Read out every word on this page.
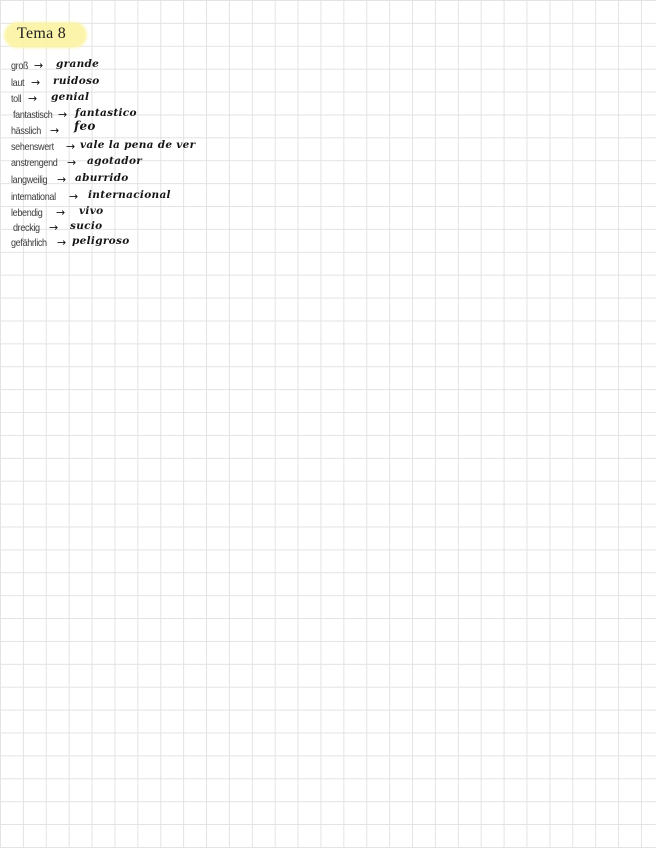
Tema 8
groß → grande
laut → ruidoso
toll → genial
fantastisch → fantastico
hässlich → feo
sehenswert → vale la pena de ver
anstrengend → agotador
langweilig → aburrido
international → internacional
lebendig → vivo
dreckig → sucio
gefährlich → peligroso
